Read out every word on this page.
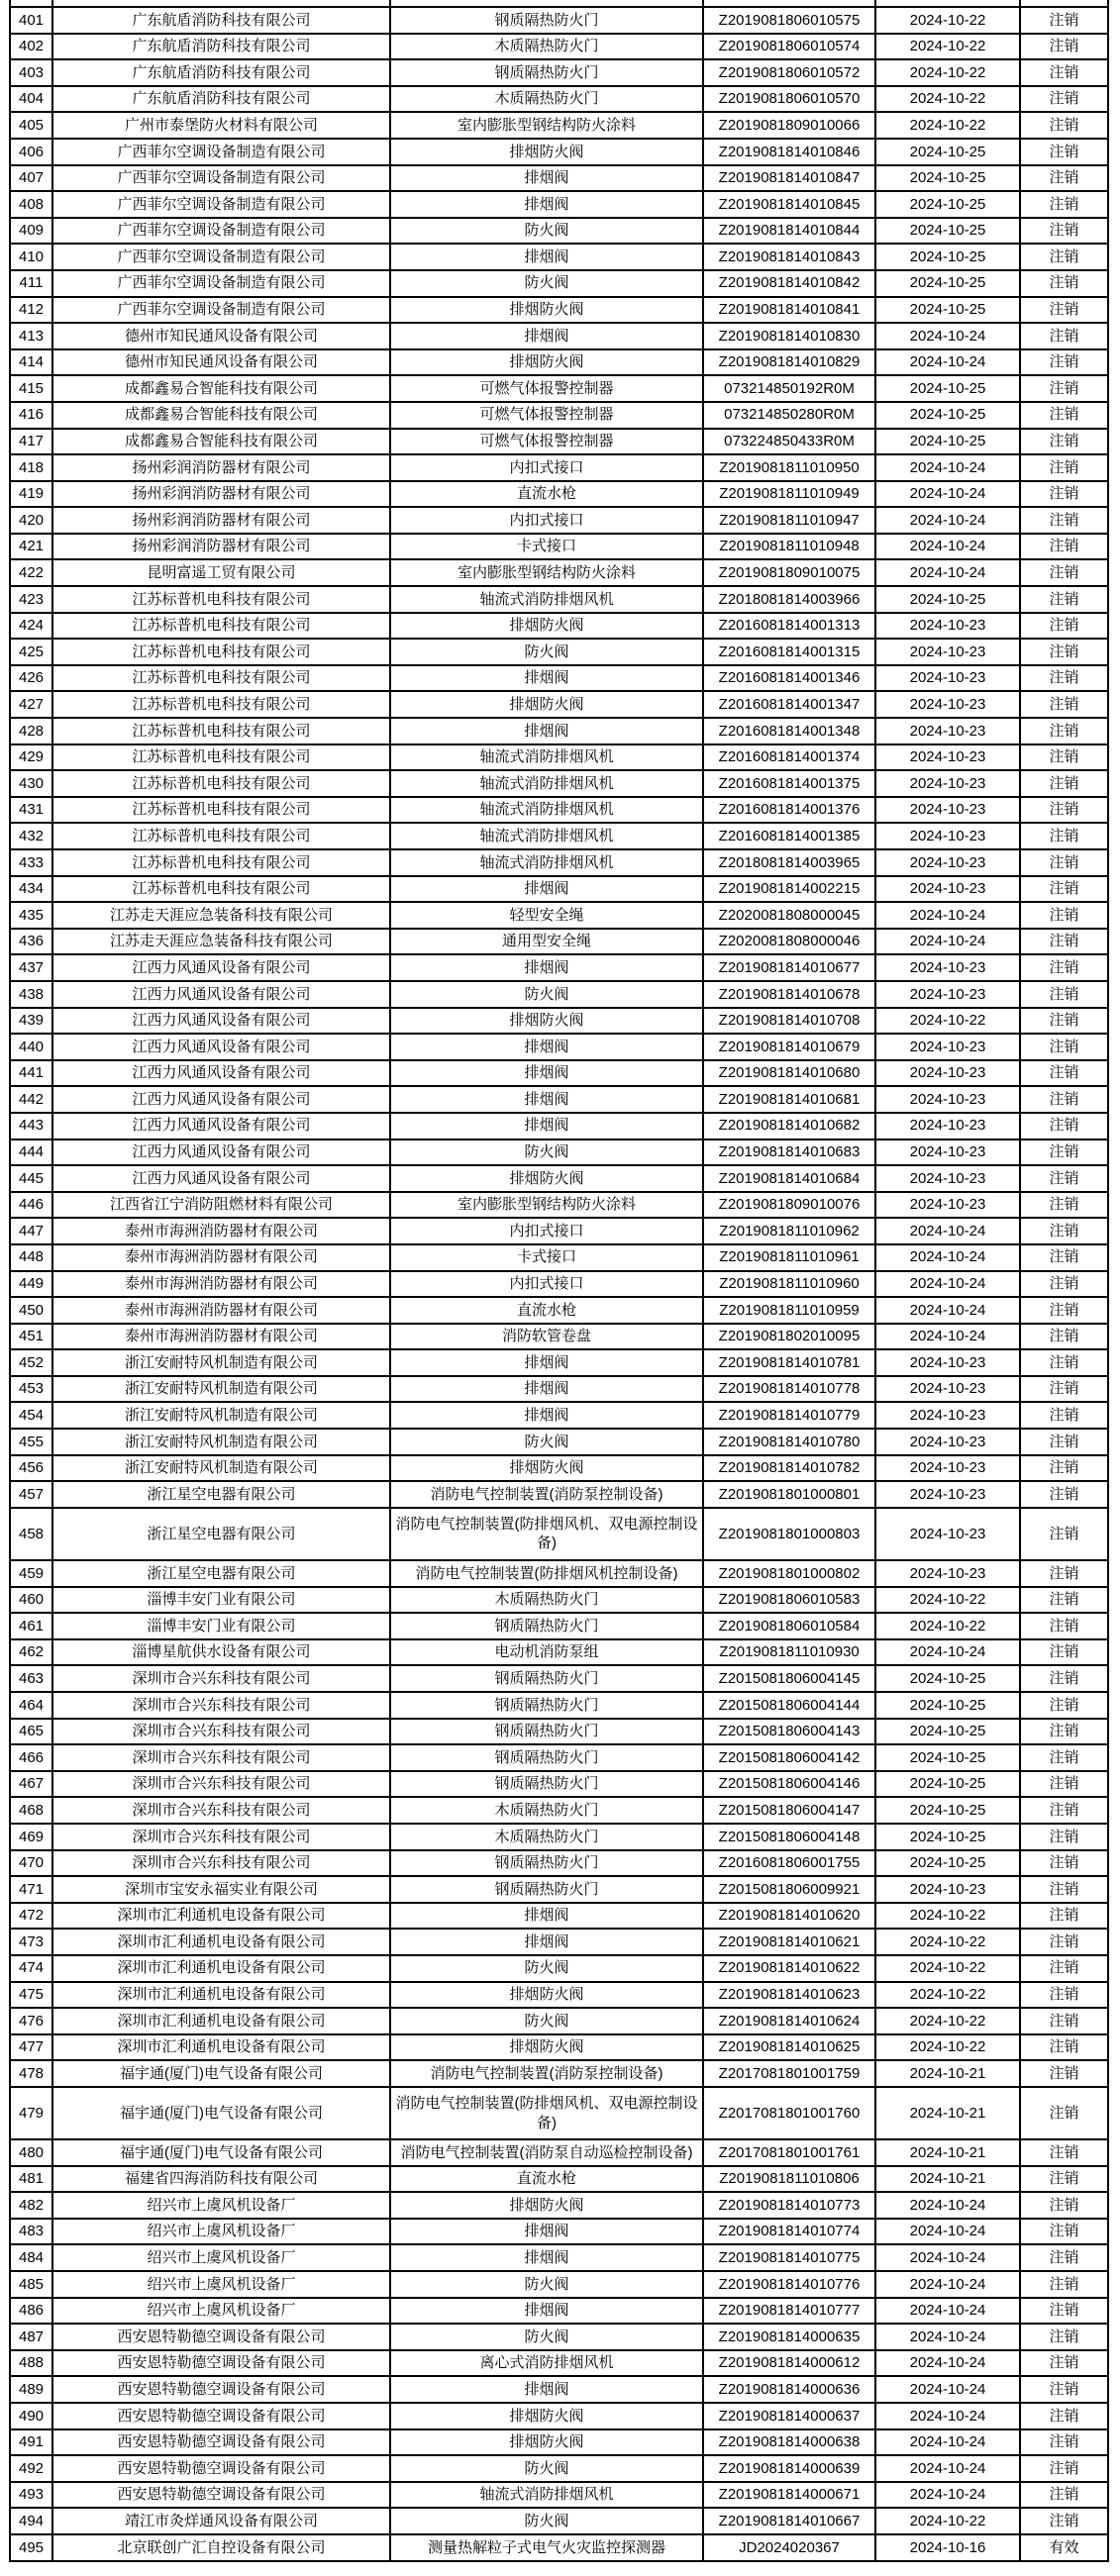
401	广东航盾消防科技有限公司	钢质隔热防火门	Z2019081806010575	2024-10-22	注销
402	广东航盾消防科技有限公司	木质隔热防火门	Z2019081806010574	2024-10-22	注销
403	广东航盾消防科技有限公司	钢质隔热防火门	Z2019081806010572	2024-10-22	注销
404	广东航盾消防科技有限公司	木质隔热防火门	Z2019081806010570	2024-10-22	注销
405	广州市泰堡防火材料有限公司	室内膨胀型钢结构防火涂料	Z2019081809010066	2024-10-22	注销
406	广西菲尔空调设备制造有限公司	排烟防火阀	Z2019081814010846	2024-10-25	注销
407	广西菲尔空调设备制造有限公司	排烟阀	Z2019081814010847	2024-10-25	注销
408	广西菲尔空调设备制造有限公司	排烟阀	Z2019081814010845	2024-10-25	注销
409	广西菲尔空调设备制造有限公司	防火阀	Z2019081814010844	2024-10-25	注销
410	广西菲尔空调设备制造有限公司	排烟阀	Z2019081814010843	2024-10-25	注销
411	广西菲尔空调设备制造有限公司	防火阀	Z2019081814010842	2024-10-25	注销
412	广西菲尔空调设备制造有限公司	排烟防火阀	Z2019081814010841	2024-10-25	注销
413	德州市知民通风设备有限公司	排烟阀	Z2019081814010830	2024-10-24	注销
414	德州市知民通风设备有限公司	排烟防火阀	Z2019081814010829	2024-10-24	注销
415	成都鑫易合智能科技有限公司	可燃气体报警控制器	073214850192R0M	2024-10-25	注销
416	成都鑫易合智能科技有限公司	可燃气体报警控制器	073214850280R0M	2024-10-25	注销
417	成都鑫易合智能科技有限公司	可燃气体报警控制器	073224850433R0M	2024-10-25	注销
418	扬州彩润消防器材有限公司	内扣式接口	Z2019081811010950	2024-10-24	注销
419	扬州彩润消防器材有限公司	直流水枪	Z2019081811010949	2024-10-24	注销
420	扬州彩润消防器材有限公司	内扣式接口	Z2019081811010947	2024-10-24	注销
421	扬州彩润消防器材有限公司	卡式接口	Z2019081811010948	2024-10-24	注销
422	昆明富遥工贸有限公司	室内膨胀型钢结构防火涂料	Z2019081809010075	2024-10-24	注销
423	江苏标普机电科技有限公司	轴流式消防排烟风机	Z2018081814003966	2024-10-25	注销
424	江苏标普机电科技有限公司	排烟防火阀	Z2016081814001313	2024-10-23	注销
425	江苏标普机电科技有限公司	防火阀	Z2016081814001315	2024-10-23	注销
426	江苏标普机电科技有限公司	排烟阀	Z2016081814001346	2024-10-23	注销
427	江苏标普机电科技有限公司	排烟防火阀	Z2016081814001347	2024-10-23	注销
428	江苏标普机电科技有限公司	排烟阀	Z2016081814001348	2024-10-23	注销
429	江苏标普机电科技有限公司	轴流式消防排烟风机	Z2016081814001374	2024-10-23	注销
430	江苏标普机电科技有限公司	轴流式消防排烟风机	Z2016081814001375	2024-10-23	注销
431	江苏标普机电科技有限公司	轴流式消防排烟风机	Z2016081814001376	2024-10-23	注销
432	江苏标普机电科技有限公司	轴流式消防排烟风机	Z2016081814001385	2024-10-23	注销
433	江苏标普机电科技有限公司	轴流式消防排烟风机	Z2018081814003965	2024-10-23	注销
434	江苏标普机电科技有限公司	排烟阀	Z2019081814002215	2024-10-23	注销
435	江苏走天涯应急装备科技有限公司	轻型安全绳	Z2020081808000045	2024-10-24	注销
436	江苏走天涯应急装备科技有限公司	通用型安全绳	Z2020081808000046	2024-10-24	注销
437	江西力风通风设备有限公司	排烟阀	Z2019081814010677	2024-10-23	注销
438	江西力风通风设备有限公司	防火阀	Z2019081814010678	2024-10-23	注销
439	江西力风通风设备有限公司	排烟防火阀	Z2019081814010708	2024-10-22	注销
440	江西力风通风设备有限公司	排烟阀	Z2019081814010679	2024-10-23	注销
441	江西力风通风设备有限公司	排烟阀	Z2019081814010680	2024-10-23	注销
442	江西力风通风设备有限公司	排烟阀	Z2019081814010681	2024-10-23	注销
443	江西力风通风设备有限公司	排烟阀	Z2019081814010682	2024-10-23	注销
444	江西力风通风设备有限公司	防火阀	Z2019081814010683	2024-10-23	注销
445	江西力风通风设备有限公司	排烟防火阀	Z2019081814010684	2024-10-23	注销
446	江西省江宁消防阻燃材料有限公司	室内膨胀型钢结构防火涂料	Z2019081809010076	2024-10-23	注销
447	泰州市海洲消防器材有限公司	内扣式接口	Z2019081811010962	2024-10-24	注销
448	泰州市海洲消防器材有限公司	卡式接口	Z2019081811010961	2024-10-24	注销
449	泰州市海洲消防器材有限公司	内扣式接口	Z2019081811010960	2024-10-24	注销
450	泰州市海洲消防器材有限公司	直流水枪	Z2019081811010959	2024-10-24	注销
451	泰州市海洲消防器材有限公司	消防软管卷盘	Z2019081802010095	2024-10-24	注销
452	浙江安耐特风机制造有限公司	排烟阀	Z2019081814010781	2024-10-23	注销
453	浙江安耐特风机制造有限公司	排烟阀	Z2019081814010778	2024-10-23	注销
454	浙江安耐特风机制造有限公司	排烟阀	Z2019081814010779	2024-10-23	注销
455	浙江安耐特风机制造有限公司	防火阀	Z2019081814010780	2024-10-23	注销
456	浙江安耐特风机制造有限公司	排烟防火阀	Z2019081814010782	2024-10-23	注销
457	浙江星空电器有限公司	消防电气控制装置(消防泵控制设备)	Z2019081801000801	2024-10-23	注销
458	浙江星空电器有限公司	消防电气控制装置(防排烟风机、双电源控制设备)	Z2019081801000803	2024-10-23	注销
459	浙江星空电器有限公司	消防电气控制装置(防排烟风机控制设备)	Z2019081801000802	2024-10-23	注销
460	淄博丰安门业有限公司	木质隔热防火门	Z2019081806010583	2024-10-22	注销
461	淄博丰安门业有限公司	钢质隔热防火门	Z2019081806010584	2024-10-22	注销
462	淄博星航供水设备有限公司	电动机消防泵组	Z2019081811010930	2024-10-24	注销
463	深圳市合兴东科技有限公司	钢质隔热防火门	Z2015081806004145	2024-10-25	注销
464	深圳市合兴东科技有限公司	钢质隔热防火门	Z2015081806004144	2024-10-25	注销
465	深圳市合兴东科技有限公司	钢质隔热防火门	Z2015081806004143	2024-10-25	注销
466	深圳市合兴东科技有限公司	钢质隔热防火门	Z2015081806004142	2024-10-25	注销
467	深圳市合兴东科技有限公司	钢质隔热防火门	Z2015081806004146	2024-10-25	注销
468	深圳市合兴东科技有限公司	木质隔热防火门	Z2015081806004147	2024-10-25	注销
469	深圳市合兴东科技有限公司	木质隔热防火门	Z2015081806004148	2024-10-25	注销
470	深圳市合兴东科技有限公司	钢质隔热防火门	Z2016081806001755	2024-10-25	注销
471	深圳市宝安永福实业有限公司	钢质隔热防火门	Z2015081806009921	2024-10-23	注销
472	深圳市汇利通机电设备有限公司	排烟阀	Z2019081814010620	2024-10-22	注销
473	深圳市汇利通机电设备有限公司	排烟阀	Z2019081814010621	2024-10-22	注销
474	深圳市汇利通机电设备有限公司	防火阀	Z2019081814010622	2024-10-22	注销
475	深圳市汇利通机电设备有限公司	排烟防火阀	Z2019081814010623	2024-10-22	注销
476	深圳市汇利通机电设备有限公司	防火阀	Z2019081814010624	2024-10-22	注销
477	深圳市汇利通机电设备有限公司	排烟防火阀	Z2019081814010625	2024-10-22	注销
478	福宇通(厦门)电气设备有限公司	消防电气控制装置(消防泵控制设备)	Z2017081801001759	2024-10-21	注销
479	福宇通(厦门)电气设备有限公司	消防电气控制装置(防排烟风机、双电源控制设备)	Z2017081801001760	2024-10-21	注销
480	福宇通(厦门)电气设备有限公司	消防电气控制装置(消防泵自动巡检控制设备)	Z2017081801001761	2024-10-21	注销
481	福建省四海消防科技有限公司	直流水枪	Z2019081811010806	2024-10-21	注销
482	绍兴市上虞风机设备厂	排烟防火阀	Z2019081814010773	2024-10-24	注销
483	绍兴市上虞风机设备厂	排烟阀	Z2019081814010774	2024-10-24	注销
484	绍兴市上虞风机设备厂	排烟阀	Z2019081814010775	2024-10-24	注销
485	绍兴市上虞风机设备厂	防火阀	Z2019081814010776	2024-10-24	注销
486	绍兴市上虞风机设备厂	排烟阀	Z2019081814010777	2024-10-24	注销
487	西安恩特勒德空调设备有限公司	防火阀	Z2019081814000635	2024-10-24	注销
488	西安恩特勒德空调设备有限公司	离心式消防排烟风机	Z2019081814000612	2024-10-24	注销
489	西安恩特勒德空调设备有限公司	排烟阀	Z2019081814000636	2024-10-24	注销
490	西安恩特勒德空调设备有限公司	排烟防火阀	Z2019081814000637	2024-10-24	注销
491	西安恩特勒德空调设备有限公司	排烟防火阀	Z2019081814000638	2024-10-24	注销
492	西安恩特勒德空调设备有限公司	防火阀	Z2019081814000639	2024-10-24	注销
493	西安恩特勒德空调设备有限公司	轴流式消防排烟风机	Z2019081814000671	2024-10-24	注销
494	靖江市灸烊通风设备有限公司	防火阀	Z2019081814010667	2024-10-22	注销
495	北京联创广汇自控设备有限公司	测量热解粒子式电气火灾监控探测器	JD2024020367	2024-10-16	有效
